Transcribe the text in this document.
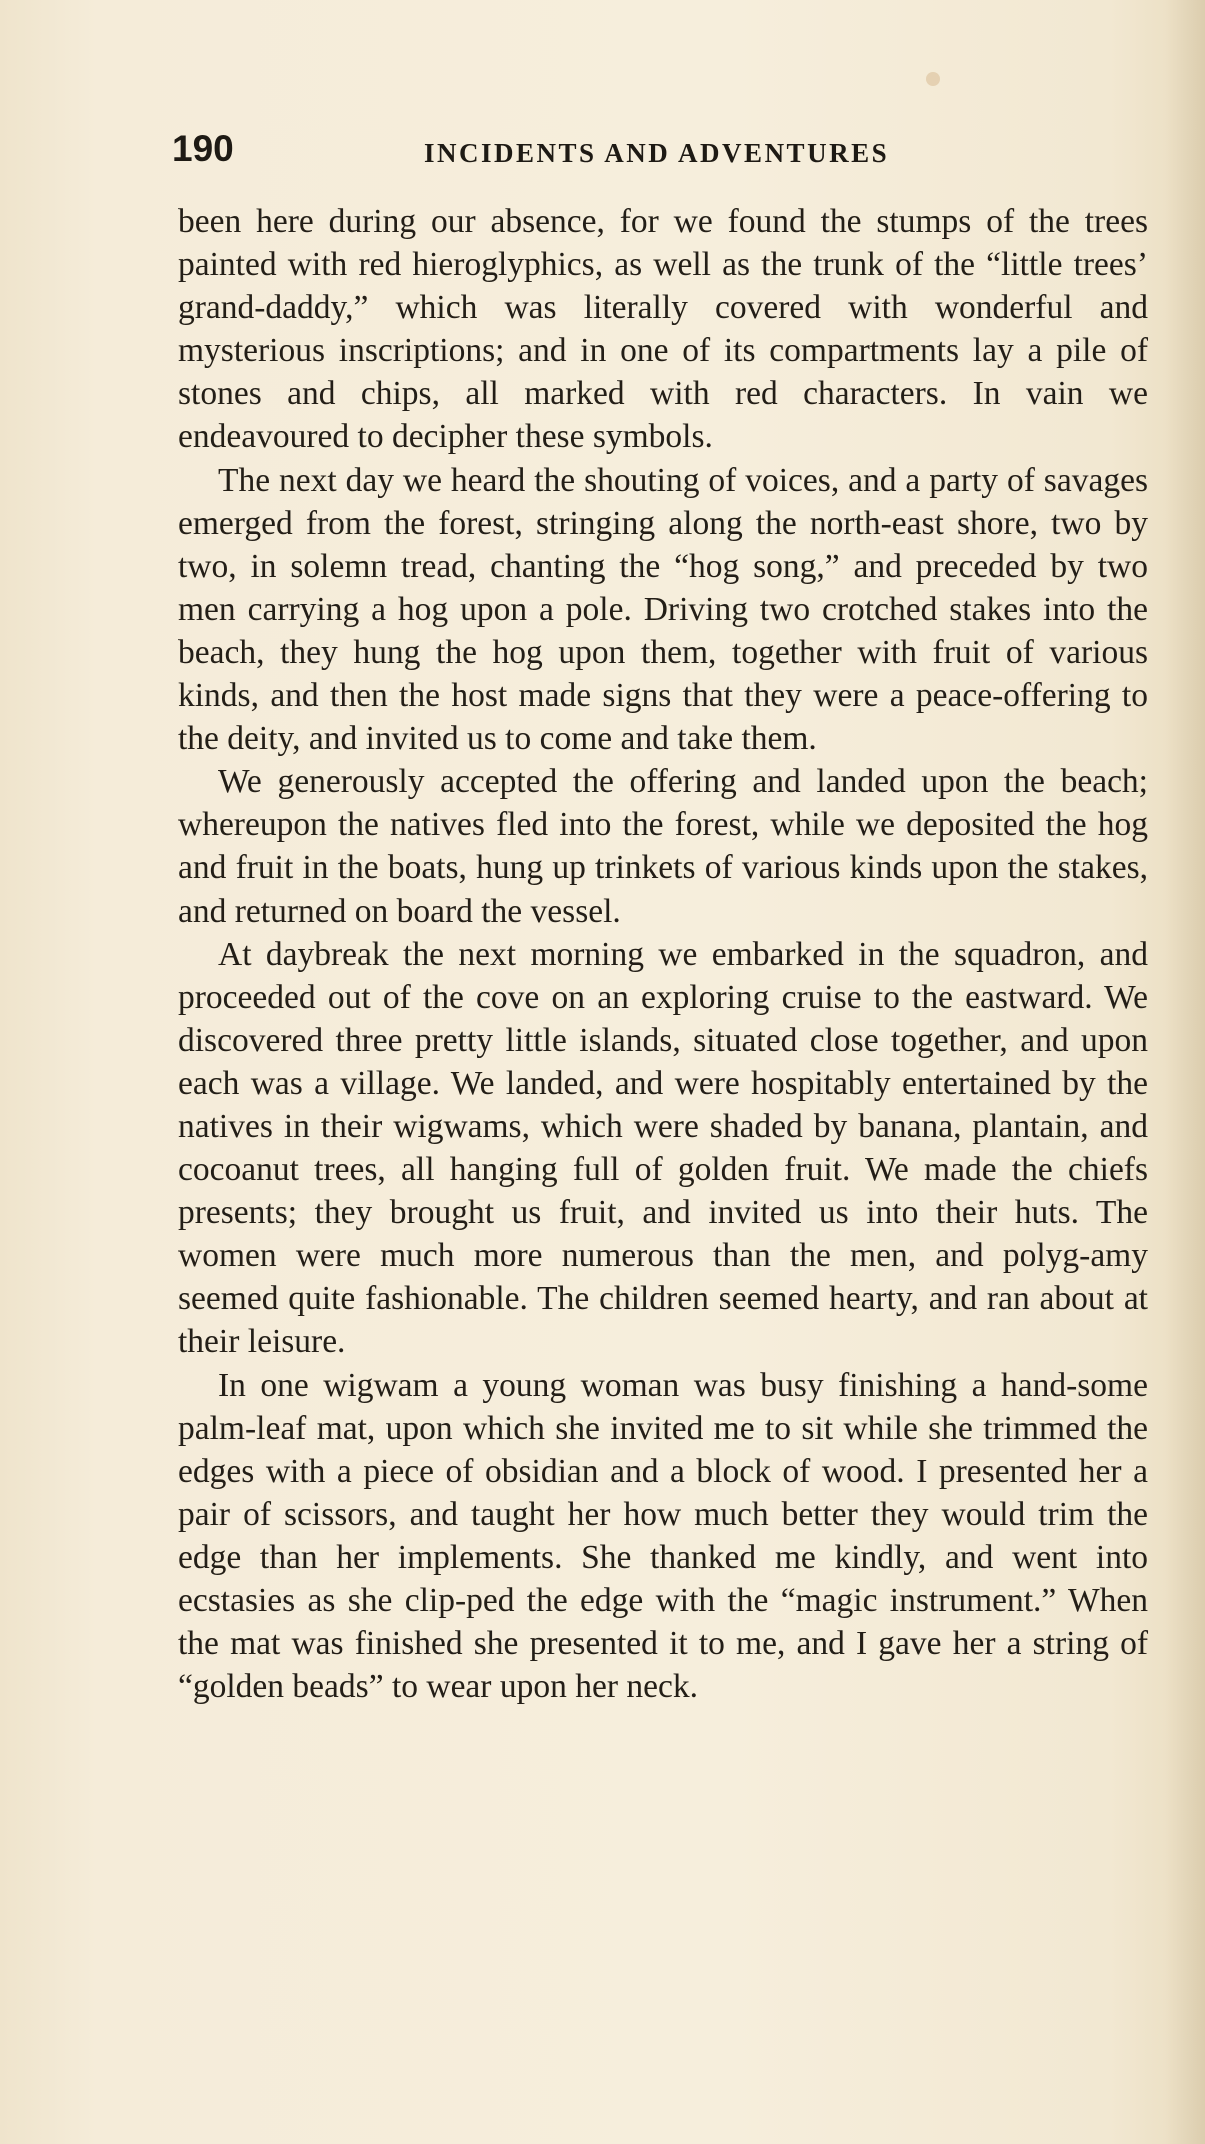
190	INCIDENTS AND ADVENTURES

been here during our absence, for we found the stumps of the trees painted with red hieroglyphics, as well as the trunk of the “little trees’ grand-daddy,” which was literally covered with wonderful and mysterious inscriptions; and in one of its compartments lay a pile of stones and chips, all marked with red characters. In vain we endeavoured to decipher these symbols.

The next day we heard the shouting of voices, and a party of savages emerged from the forest, stringing along the north-east shore, two by two, in solemn tread, chanting the “hog song,” and preceded by two men carrying a hog upon a pole. Driving two crotched stakes into the beach, they hung the hog upon them, together with fruit of various kinds, and then the host made signs that they were a peace-offering to the deity, and invited us to come and take them.

We generously accepted the offering and landed upon the beach; whereupon the natives fled into the forest, while we deposited the hog and fruit in the boats, hung up trinkets of various kinds upon the stakes, and returned on board the vessel.

At daybreak the next morning we embarked in the squadron, and proceeded out of the cove on an exploring cruise to the eastward. We discovered three pretty little islands, situated close together, and upon each was a village. We landed, and were hospitably entertained by the natives in their wigwams, which were shaded by banana, plantain, and cocoanut trees, all hanging full of golden fruit. We made the chiefs presents; they brought us fruit, and invited us into their huts. The women were much more numerous than the men, and polyg-amy seemed quite fashionable. The children seemed hearty, and ran about at their leisure.

In one wigwam a young woman was busy finishing a hand-some palm-leaf mat, upon which she invited me to sit while she trimmed the edges with a piece of obsidian and a block of wood. I presented her a pair of scissors, and taught her how much better they would trim the edge than her implements. She thanked me kindly, and went into ecstasies as she clip-ped the edge with the “magic instrument.” When the mat was finished she presented it to me, and I gave her a string of “golden beads” to wear upon her neck.
